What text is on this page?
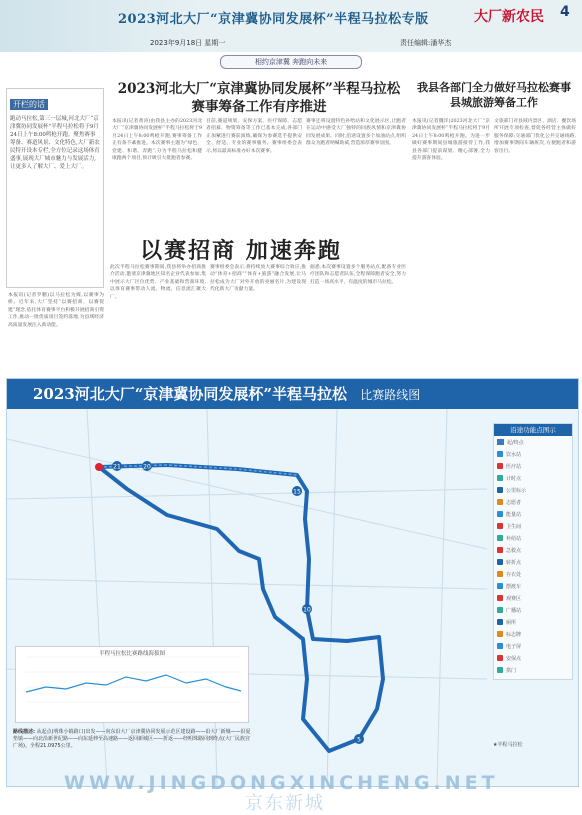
2023河北大厂“京津冀协同发展杯”半程马拉松专版	大厂新农民 4
2023年9月18日 星期一	责任编辑:潘华杰
相约京津冀 奔跑向未来
开栏的话
跑动马拉松,第三一层城,河北大厂“京津冀协同发展杯”半程马拉松将于9月24日上午8:00鸣枪开跑。聚焦赛事筹备、赛道风景、文化特色,大厂新农民特开设本专栏,全方位记录这场体育盛事,展现大厂城市魅力与发展活力,让更多人了解大厂、爱上大厂。
2023河北大厂“京津冀协同发展杯”半程马拉松赛事筹备工作有序推进
我县各部门全力做好马拉松赛事县城旅游筹备工作
本报讯(记者黄涛)由我县主办的2023河北大厂“京津冀协同发展杯”半程马拉松将于9月24日上午8:00鸣枪开跑,赛事筹备工作正有条不紊推进。本次赛事主题为“绿色、党建、和谐、奔跑”,分为半程马拉松和健康跑两个项目,预计吸引大批跑者参赛。
目前,赛道规划、安保方案、医疗保障、志愿者招募、物资筹备等工作已基本完成,各部门正加紧进行赛前演练,确保为参赛选手提供安全、舒适、专业的赛事服务。赛事组委会表示,将以最高标准办好本次赛事。
赛事还将设置特色补给站和文化展示区,让跑者在运动中感受大厂独特的回族风情和京津冀协同发展成果。同时,沿途设置多个加油站点,组织群众为跑者呐喊助威,营造浓厚赛事氛围。
本报讯(记者魏洋)2023河北大厂“京津冀协同发展杯”半程马拉松将于9月24日上午8:00鸣枪开跑。为进一步做好赛事期间县城旅游接待工作,我县各部门提前谋划、精心部署,全力提升游客体验。
文旅部门对县域内景区、酒店、餐饮场所开展专项检查,督促各经营主体做好服务保障;交通部门优化公共交通线路,增加赛事期间车辆班次,方便跑者和游客出行。
以赛招商 加速奔跑
本报讯(记者罗鹏)以马拉松为媒,以赛事为桥。近年来,大厂坚持“以赛招商、以赛促建”理念,依托体育赛事平台积极开展招商引资工作,推动一批优质项目签约落地,为县域经济高质量发展注入新动能。
此次半程马拉松赛事期间,我县将举办招商推介活动,邀请京津冀地区知名企业代表参加,集中展示大厂区位优势、产业基础和营商环境,以体育赛事带动人流、物流、信息流汇聚大厂。
赛事组委会表示,将持续放大赛事综合效应,推动“体育+招商”“体育+旅游”融合发展,让马拉松成为大厂对外开放的亮丽名片,为建设现代化新大厂贡献力量。
据悉,本次赛事设置多个服务站点,配备专业医疗团队和志愿者队伍,全程保障跑者安全,努力打造一场高水平、有温度的城市马拉松。
2023河北大厂“京津冀协同发展杯”半程马拉松 比赛路线图
21	20
15
10
5
京东新城
沿途功能点图示
起/终点
饮水站
医疗站
计时点
公里标示
志愿者
能量站
卫生间
补给站
急救点
转折点
存衣处
摆渡车
观赛区
广播站
厕所
标志牌
电子屏
安保点
拱门
★半程马拉松
半程马拉松比赛路线海拔图
路线描述: 从起点(明珠小镇路口)出发——向东沿大厂京津冀协同发展示范区建设路——沿大厂新城——沿夏垫镇——向北沿新世纪路——向东延伸至高速路——返回新城区——折返——经明珠路回到终点(大厂民族宫广场)。全程21.0975公里。
WWW.JINGDONGXINCHENG.NET
